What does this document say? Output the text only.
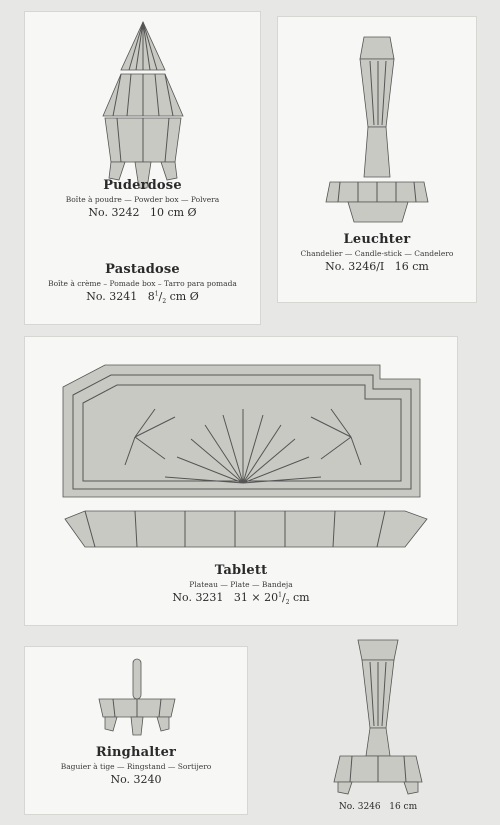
Puderdose
Boîte à poudre — Powder box — Polvera
No. 3242   10 cm Ø
Pastadose
Boîte à crème – Pomade box – Tarro para pomada
No. 3241   $8^1/_2$ cm Ø
Leuchter
Chandelier — Candle-stick — Candelero
No. 3246/I   16 cm
Tablett
Plateau — Plate — Bandeja
No. 3231   $31 \times 20^1/_2$ cm
Ringhalter
Baguier à tige — Ringstand — Sortijero
No. 3240
No. 3246   16 cm
